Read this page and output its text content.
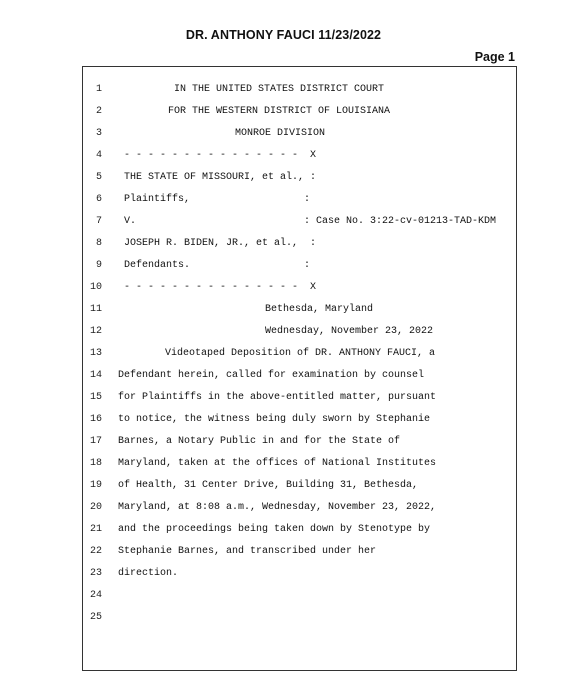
DR. ANTHONY FAUCI 11/23/2022
Page 1
1	IN THE UNITED STATES DISTRICT COURT
2	FOR THE WESTERN DISTRICT OF LOUISIANA
3	MONROE DIVISION
4 - - - - - - - - - - - - - - -  X
5 THE STATE OF MISSOURI, et al., :
6 Plaintiffs,                   :
7 V.                            : Case No. 3:22-cv-01213-TAD-KDM
8 JOSEPH R. BIDEN, JR., et al.,  :
9 Defendants.                   :
10 - - - - - - - - - - - - - - -  X
11	Bethesda, Maryland
12	Wednesday, November 23, 2022
13	Videotaped Deposition of DR. ANTHONY FAUCI, a
14 Defendant herein, called for examination by counsel
15 for Plaintiffs in the above-entitled matter, pursuant
16 to notice, the witness being duly sworn by Stephanie
17 Barnes, a Notary Public in and for the State of
18 Maryland, taken at the offices of National Institutes
19 of Health, 31 Center Drive, Building 31, Bethesda,
20 Maryland, at 8:08 a.m., Wednesday, November 23, 2022,
21 and the proceedings being taken down by Stenotype by
22 Stephanie Barnes, and transcribed under her
23 direction.
24
25
